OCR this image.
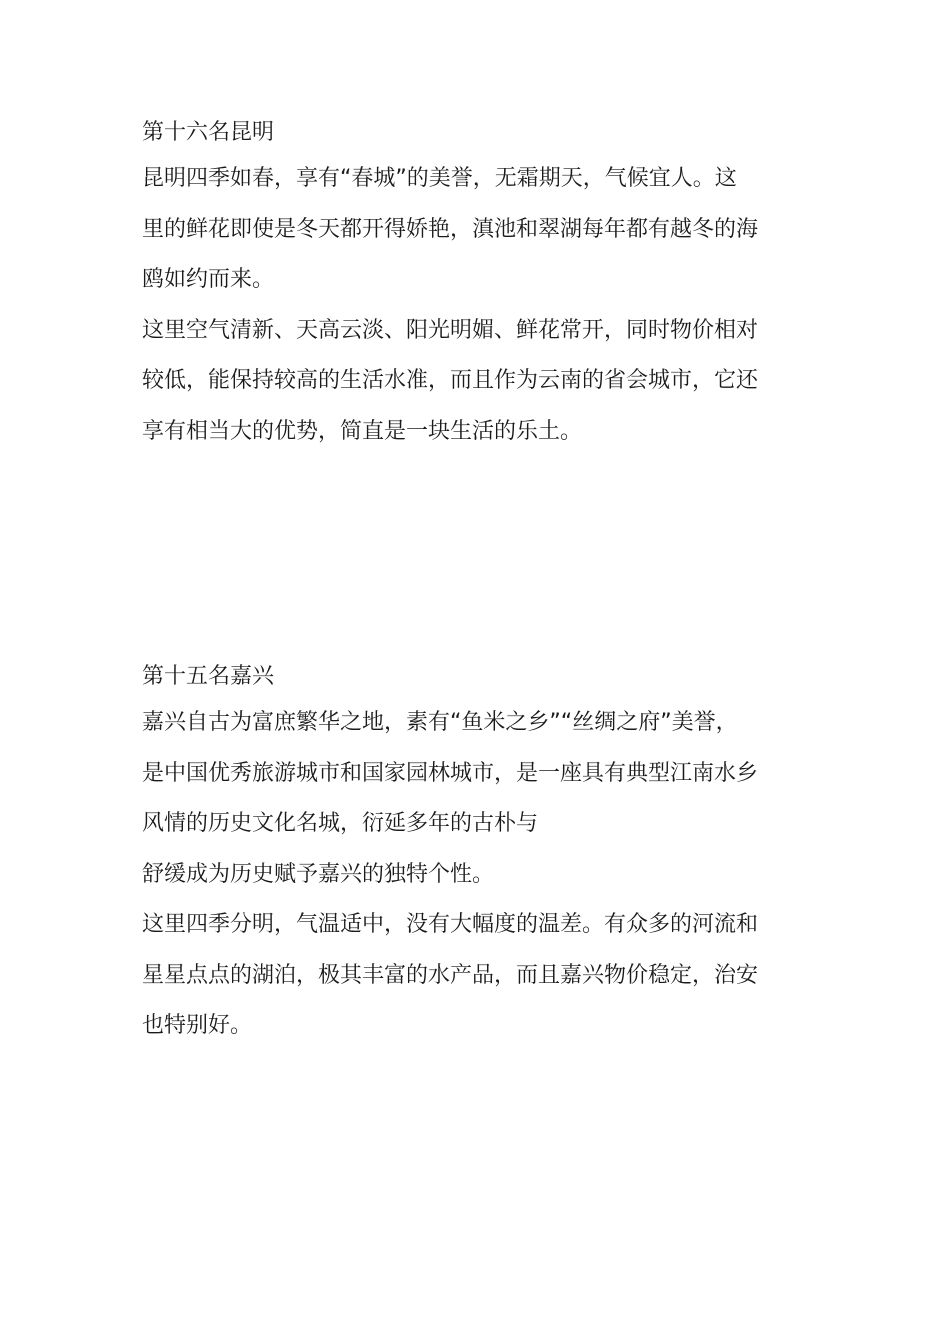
第十六名昆明

昆明四季如春，享有“春城”的美誉，无霜期天，气候宜人。这
里的鲜花即使是冬天都开得娇艳，滇池和翠湖每年都有越冬的海
鸥如约而来。

这里空气清新、天高云淡、阳光明媚、鲜花常开，同时物价相对
较低，能保持较高的生活水准，而且作为云南的省会城市，它还
享有相当大的优势，简直是一块生活的乐土。

第十五名嘉兴

嘉兴自古为富庶繁华之地，素有“鱼米之乡”“丝绸之府”美誉，
是中国优秀旅游城市和国家园林城市，是一座具有典型江南水乡
风情的历史文化名城，衍延多年的古朴与

舒缓成为历史赋予嘉兴的独特个性。

这里四季分明，气温适中，没有大幅度的温差。有众多的河流和
星星点点的湖泊，极其丰富的水产品，而且嘉兴物价稳定，治安
也特别好。
